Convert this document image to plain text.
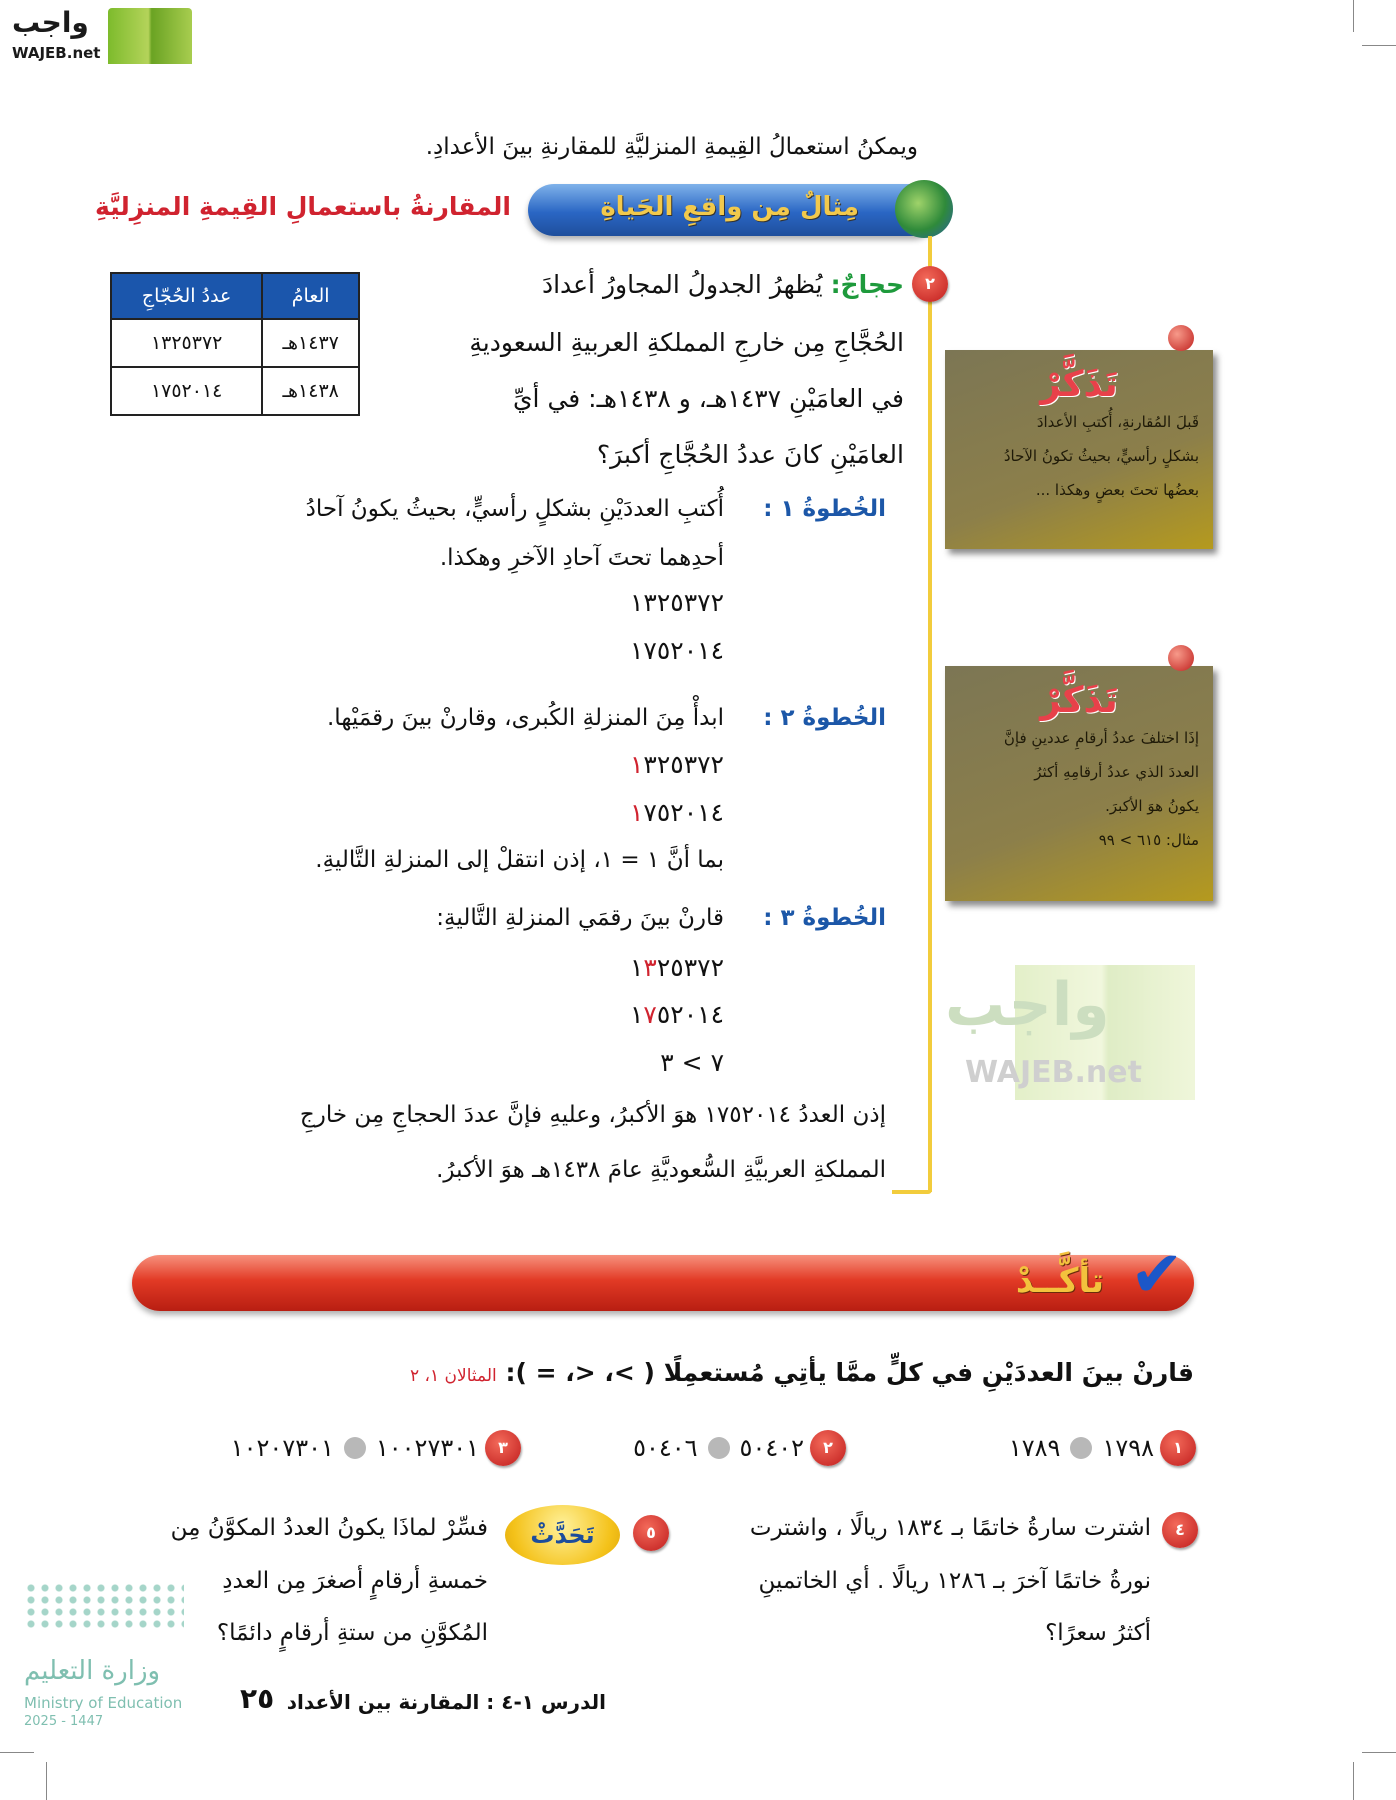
واجب
WAJEB.net
واجب
WAJEB.net
ويمكنُ استعمالُ القِيمةِ المنزليَّةِ للمقارنةِ بينَ الأعدادِ.
مِثالٌ مِن واقعِ الحَياةِ
المقارنةُ باستعمالِ القِيمةِ المنزِليَّةِ
عددُ الحُجّاجِ	العامُ
١٣٢٥٣٧٢	١٤٣٧هـ
١٧٥٢٠١٤	١٤٣٨هـ
٢
حجاجٌ: يُظهرُ الجدولُ المجاورُ أعدادَ
الحُجَّاجِ مِن خارجِ المملكةِ العربيةِ السعوديةِ
في العامَيْنِ ١٤٣٧هـ، و ١٤٣٨هـ: في أيِّ
العامَيْنِ كانَ عددُ الحُجَّاجِ أكبرَ؟
الخُطوةُ ١ :
أُكتبِ العددَيْنِ بشكلٍ رأسيٍّ، بحيثُ يكونُ آحادُ
أحدِهما تحتَ آحادِ الآخرِ وهكذا.
١٣٢٥٣٧٢
١٧٥٢٠١٤
الخُطوةُ ٢ :
ابدأْ مِنَ المنزلةِ الكُبرى، وقارنْ بينَ رقمَيْها.
١٣٢٥٣٧٢
١٧٥٢٠١٤
بما أنَّ ١ = ١، إذن انتقلْ إلى المنزلةِ التَّاليةِ.
الخُطوةُ ٣ :
قارنْ بينَ رقمَي المنزلةِ التَّاليةِ:
١٣٢٥٣٧٢
١٧٥٢٠١٤
٧ > ٣
إذن العددُ ١٧٥٢٠١٤ هوَ الأكبرُ، وعليهِ فإنَّ عددَ الحجاجِ مِن خارجِ
المملكةِ العربيَّةِ السُّعوديَّةِ عامَ ١٤٣٨هـ هوَ الأكبرُ.
تَذَكَّرْ

قَبلَ المُقارنةِ، أُكتبِ الأعدادَ

بشكلٍ رأسيٍّ، بحيثُ تكونُ الآحادُ

بعضُها تحتَ بعضٍ وهكذا ...

تَذَكَّرْ

إذَا اختلفَ عددُ أرقامِ عددينِ فإنَّ

العددَ الذي عددُ أرقامِهِ أكثرُ

يكونُ هوَ الأكبرَ.

مثال: ٦١٥ > ٩٩

تأكَّــدْ ✔
قارنْ بينَ العددَيْنِ في كلٍّ ممَّا يأتِي مُستعمِلًا ( >، <، = ): المثالان ١، ٢
١
١٧٩٨
١٧٨٩
٢
٥٠٤٠٢
٥٠٤٠٦
٣
١٠٠٢٧٣٠١
١٠٢٠٧٣٠١
٤
اشترت سارةُ خاتمًا بـ ١٨٣٤ ريالًا ، واشترت
نورةُ خاتمًا آخرَ بـ ١٢٨٦ ريالًا . أي الخاتمينِ
أكثرُ سعرًا؟
٥
تَحَدَّثْ
فسِّرْ لماذَا يكونُ العددُ المكوَّنُ مِن
خمسةِ أرقامٍ أصغرَ مِن العددِ
المُكوَّنِ من ستةِ أرقامٍ دائمًا؟
وزارة التعليم
Ministry of Education
2025 - 1447
الدرس ١-٤ : المقارنة بين الأعداد
٢٥
